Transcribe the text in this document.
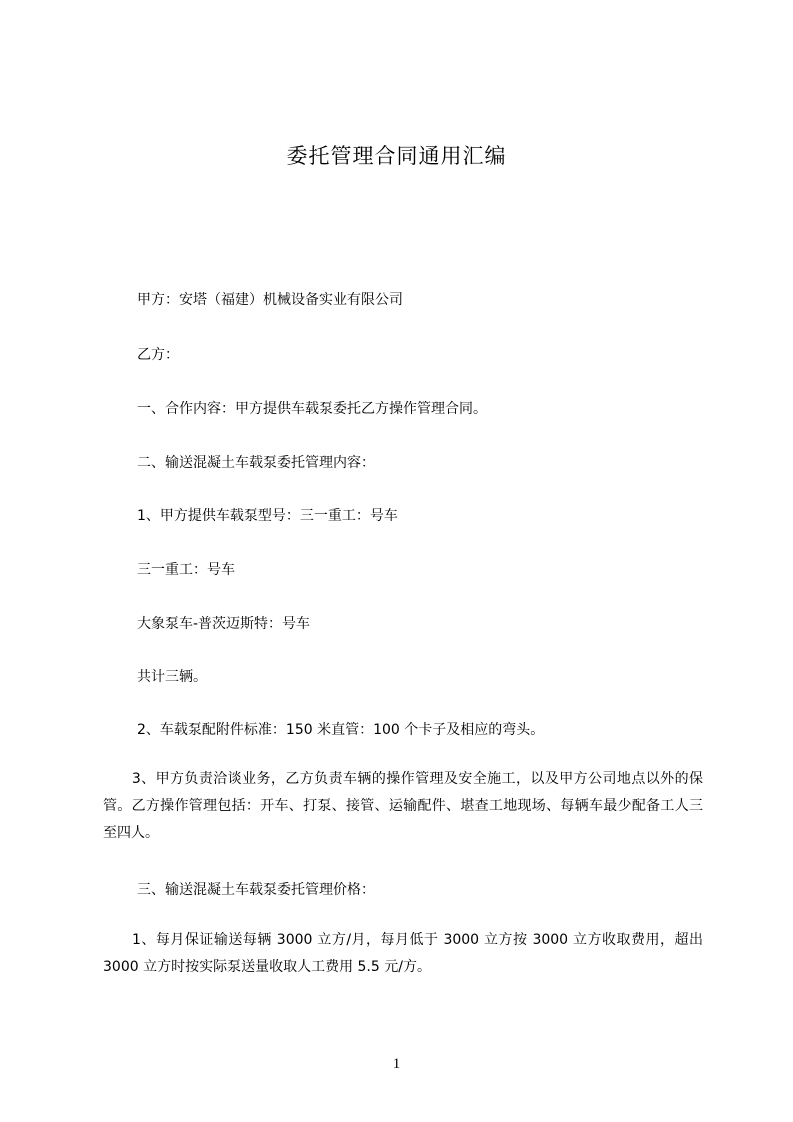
委托管理合同通用汇编
甲方：安塔（福建）机械设备实业有限公司
乙方：
一、合作内容：甲方提供车载泵委托乙方操作管理合同。
二、输送混凝土车载泵委托管理内容：
1、甲方提供车载泵型号：三一重工：号车
三一重工：号车
大象泵车-普茨迈斯特：号车
共计三辆。
2、车载泵配附件标准：150 米直管：100 个卡子及相应的弯头。
　　3、甲方负责洽谈业务，乙方负责车辆的操作管理及安全施工，以及甲方公司地点以外的保管。乙方操作管理包括：开车、打泵、接管、运输配件、堪查工地现场、每辆车最少配备工人三至四人。
三、输送混凝土车载泵委托管理价格：
　　1、每月保证输送每辆 3000 立方/月，每月低于 3000 立方按 3000 立方收取费用，超出 3000 立方时按实际泵送量收取人工费用 5.5 元/方。
1
